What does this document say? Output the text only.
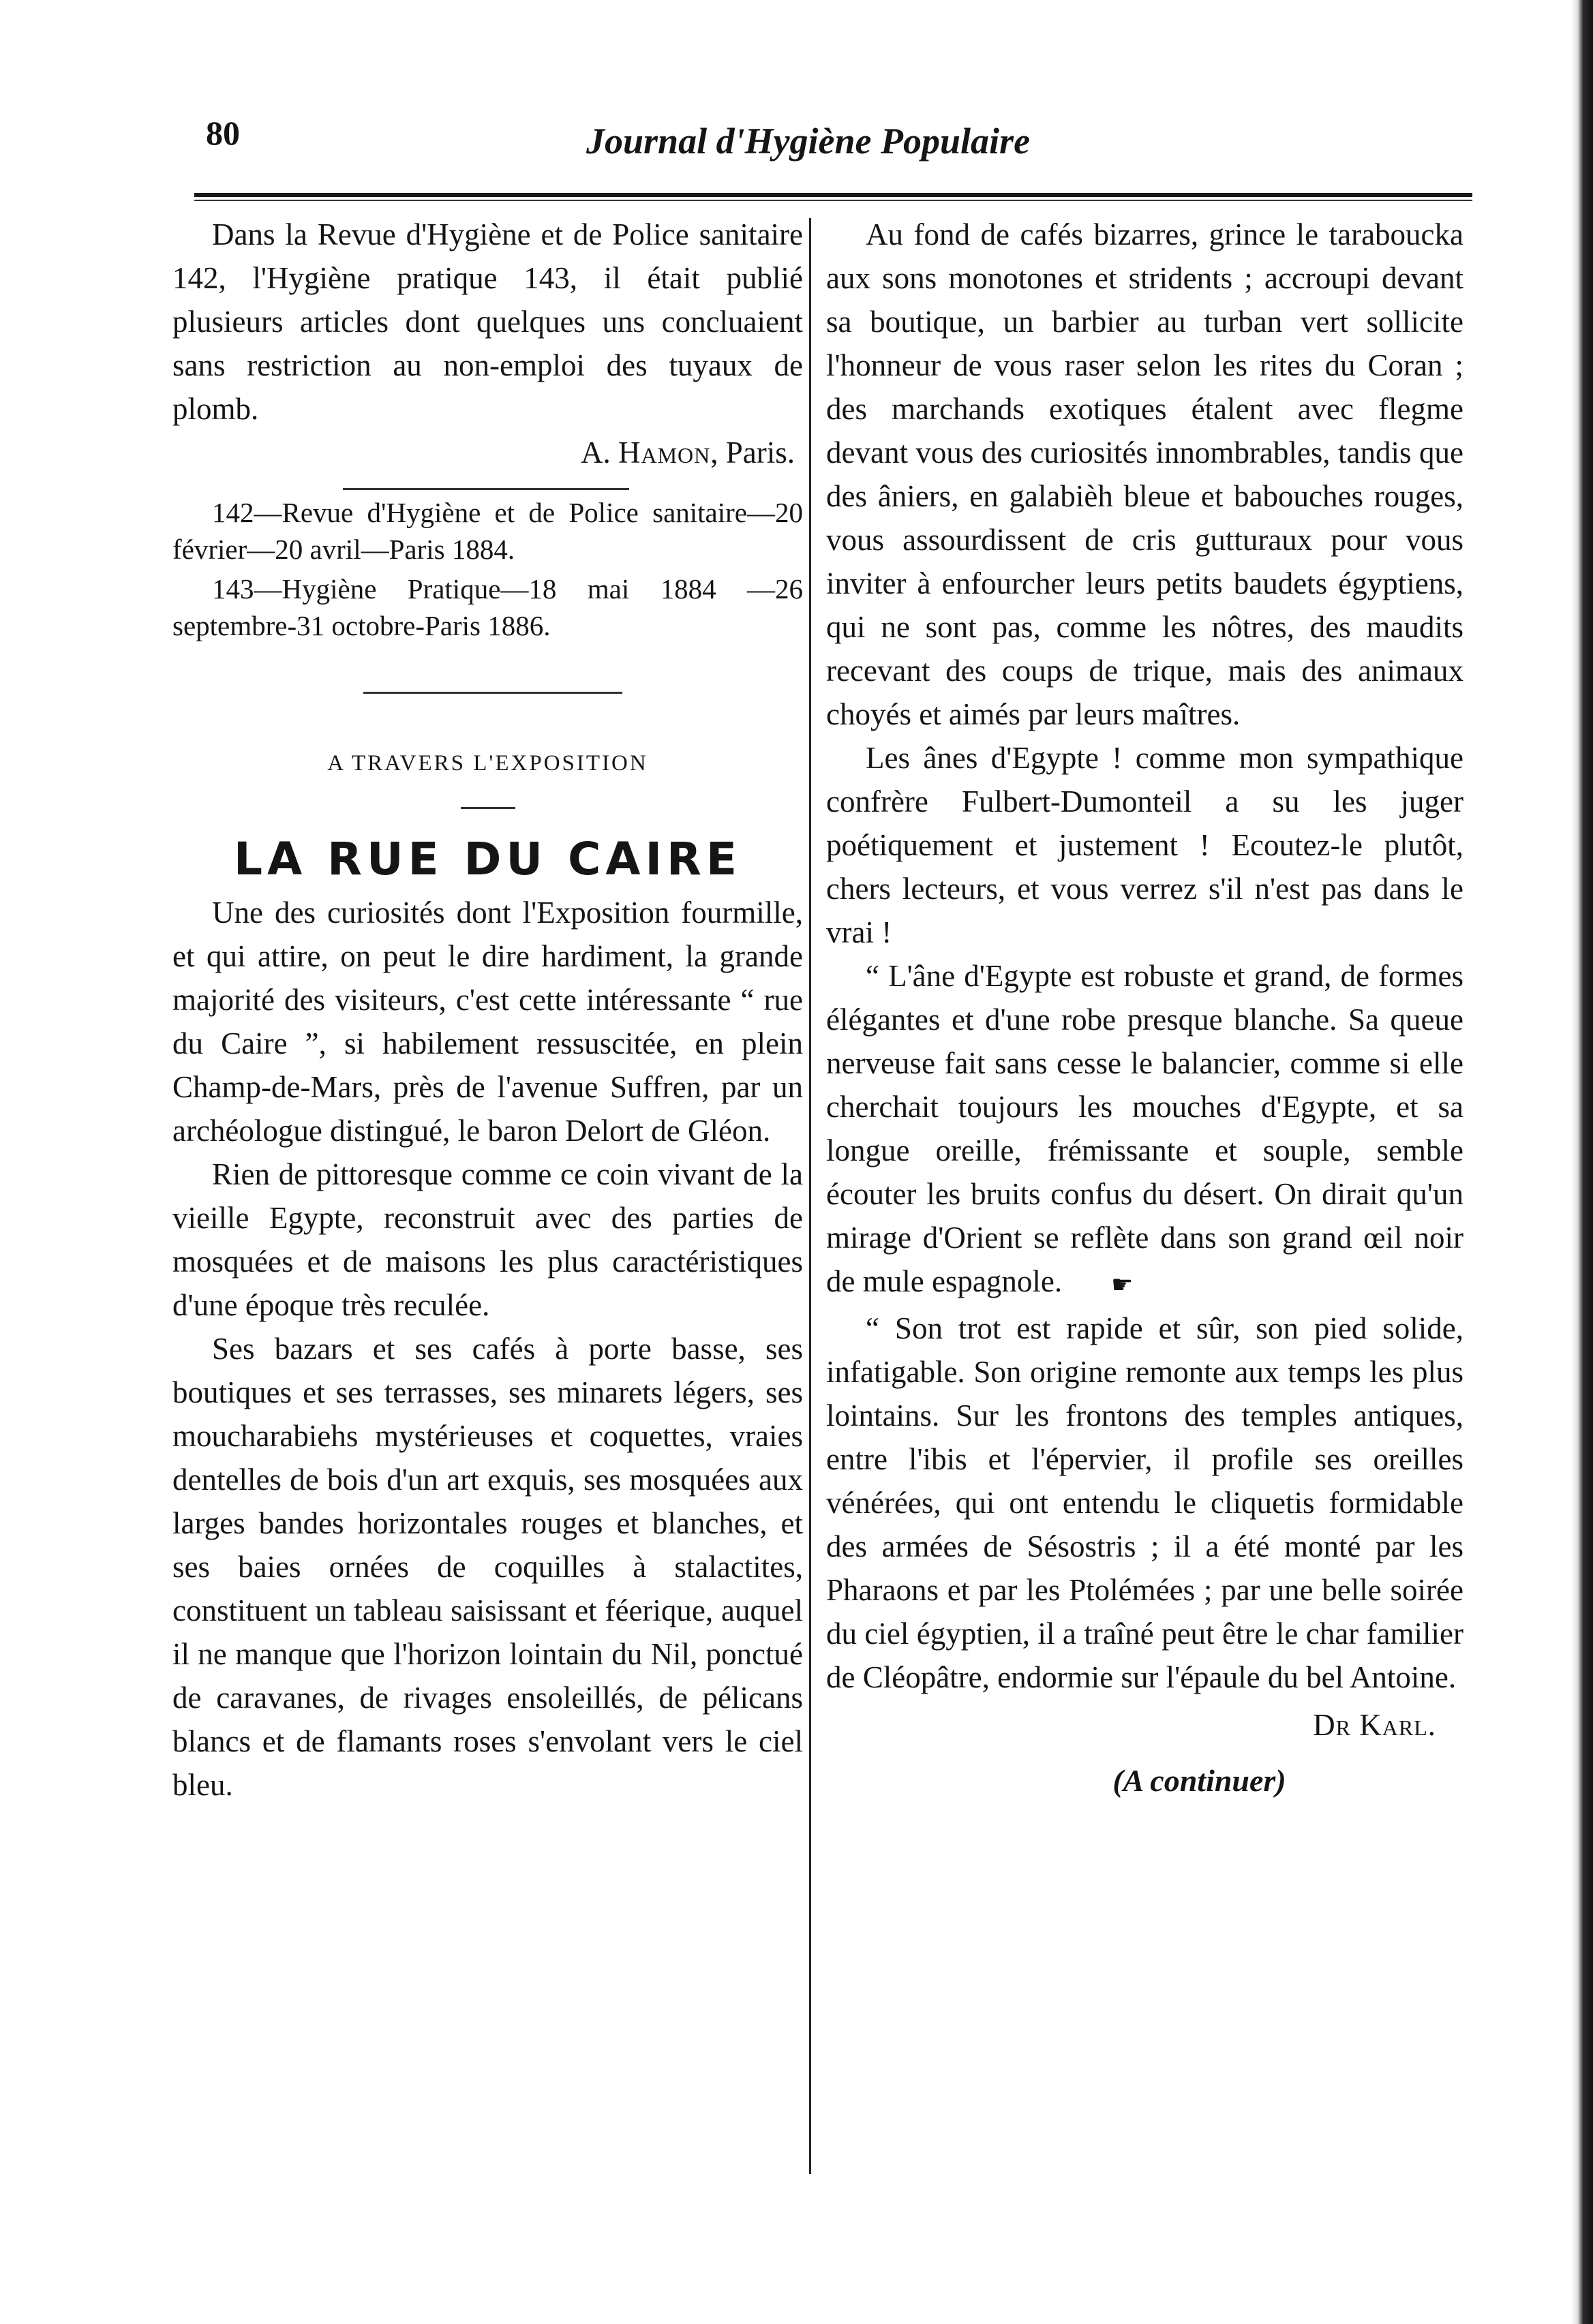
80	Journal d'Hygiène Populaire

Dans la Revue d'Hygiène et de Police sanitaire 142, l'Hygiène pratique 143, il était publié plusieurs articles dont quelques uns concluaient sans restriction au non-emploi des tuyaux de plomb.

A. Hamon, Paris.

142—Revue d'Hygiène et de Police sanitaire—20 février—20 avril—Paris 1884.

143—Hygiène Pratique—18 mai 1884 —26 septembre-31 octobre-Paris 1886.

A TRAVERS L'EXPOSITION

LA RUE DU CAIRE

Une des curiosités dont l'Exposition fourmille, et qui attire, on peut le dire hardiment, la grande majorité des visiteurs, c'est cette intéressante “ rue du Caire ”, si habilement ressuscitée, en plein Champ-de-Mars, près de l'avenue Suffren, par un archéologue distingué, le baron Delort de Gléon.

Rien de pittoresque comme ce coin vivant de la vieille Egypte, reconstruit avec des parties de mosquées et de maisons les plus caractéristiques d'une époque très reculée.

Ses bazars et ses cafés à porte basse, ses boutiques et ses terrasses, ses minarets légers, ses moucharabiehs mystérieuses et coquettes, vraies dentelles de bois d'un art exquis, ses mosquées aux larges bandes horizontales rouges et blanches, et ses baies ornées de coquilles à stalactites, constituent un tableau saisissant et féerique, auquel il ne manque que l'horizon lointain du Nil, ponctué de caravanes, de rivages ensoleillés, de pélicans blancs et de flamants roses s'envolant vers le ciel bleu.

Au fond de cafés bizarres, grince le taraboucka aux sons monotones et stridents ; accroupi devant sa boutique, un barbier au turban vert sollicite l'honneur de vous raser selon les rites du Coran ; des marchands exotiques étalent avec flegme devant vous des curiosités innombrables, tandis que des âniers, en galabièh bleue et babouches rouges, vous assourdissent de cris gutturaux pour vous inviter à enfourcher leurs petits baudets égyptiens, qui ne sont pas, comme les nôtres, des maudits recevant des coups de trique, mais des animaux choyés et aimés par leurs maîtres.

Les ânes d'Egypte ! comme mon sympathique confrère Fulbert-Dumonteil a su les juger poétiquement et justement ! Ecoutez-le plutôt, chers lecteurs, et vous verrez s'il n'est pas dans le vrai !

“ L'âne d'Egypte est robuste et grand, de formes élégantes et d'une robe presque blanche. Sa queue nerveuse fait sans cesse le balancier, comme si elle cherchait toujours les mouches d'Egypte, et sa longue oreille, frémissante et souple, semble écouter les bruits confus du désert. On dirait qu'un mirage d'Orient se reflète dans son grand œil noir de mule espagnole. ☛

“ Son trot est rapide et sûr, son pied solide, infatigable. Son origine remonte aux temps les plus lointains. Sur les frontons des temples antiques, entre l'ibis et l'épervier, il profile ses oreilles vénérées, qui ont entendu le cliquetis formidable des armées de Sésostris ; il a été monté par les Pharaons et par les Ptolémées ; par une belle soirée du ciel égyptien, il a traîné peut être le char familier de Cléopâtre, endormie sur l'épaule du bel Antoine.

Dr Karl.

(A continuer)
